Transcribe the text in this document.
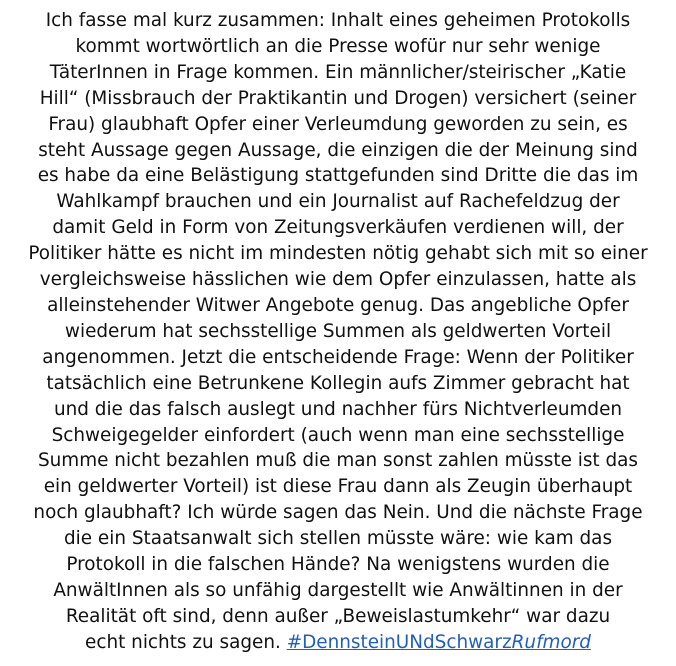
Ich fasse mal kurz zusammen: Inhalt eines geheimen Protokolls
kommt wortwörtlich an die Presse wofür nur sehr wenige
TäterInnen in Frage kommen. Ein männlicher/steirischer „Katie
Hill“ (Missbrauch der Praktikantin und Drogen) versichert (seiner
Frau) glaubhaft Opfer einer Verleumdung geworden zu sein, es
steht Aussage gegen Aussage, die einzigen die der Meinung sind
es habe da eine Belästigung stattgefunden sind Dritte die das im
Wahlkampf brauchen und ein Journalist auf Rachefeldzug der
damit Geld in Form von Zeitungsverkäufen verdienen will, der
Politiker hätte es nicht im mindesten nötig gehabt sich mit so einer
vergleichsweise hässlichen wie dem Opfer einzulassen, hatte als
alleinstehender Witwer Angebote genug. Das angebliche Opfer
wiederum hat sechsstellige Summen als geldwerten Vorteil
angenommen. Jetzt die entscheidende Frage: Wenn der Politiker
tatsächlich eine Betrunkene Kollegin aufs Zimmer gebracht hat
und die das falsch auslegt und nachher fürs Nichtverleumden
Schweigegelder einfordert (auch wenn man eine sechsstellige
Summe nicht bezahlen muß die man sonst zahlen müsste ist das
ein geldwerter Vorteil) ist diese Frau dann als Zeugin überhaupt
noch glaubhaft? Ich würde sagen das Nein. Und die nächste Frage
die ein Staatsanwalt sich stellen müsste wäre: wie kam das
Protokoll in die falschen Hände? Na wenigstens wurden die
AnwältInnen als so unfähig dargestellt wie Anwältinnen in der
Realität oft sind, denn außer „Beweislastumkehr“ war dazu
echt nichts zu sagen. #DennsteinUNdSchwarzRufmord
